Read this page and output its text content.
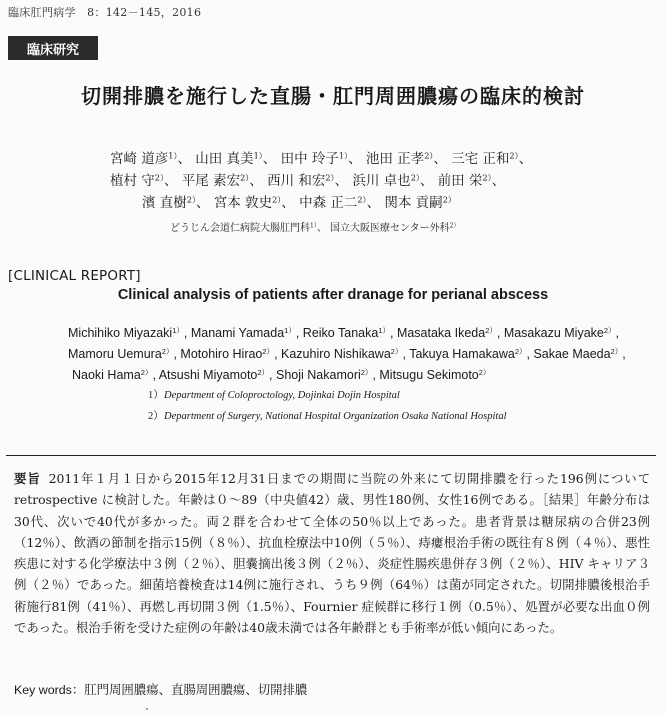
臨床肛門病学　8：142－145，2016
臨床研究
切開排膿を施行した直腸・肛門周囲膿瘍の臨床的検討
宮崎 道彦$^{1)}$、 山田 真美$^{1)}$、 田中 玲子$^{1)}$、 池田 正孝$^{2)}$、 三宅 正和$^{2)}$、
植村 守$^{2)}$、 平尾 素宏$^{2)}$、 西川 和宏$^{2)}$、 浜川 卓也$^{2)}$、 前田 栄$^{2)}$、
濱 直樹$^{2)}$、 宮本 敦史$^{2)}$、 中森 正二$^{2)}$、 関本 貢嗣$^{2)}$
どうじん会道仁病院大腸肛門科$^{1)}$、 国立大阪医療センター外科$^{2)}$
[CLINICAL REPORT]
Clinical analysis of patients after dranage for perianal abscess
Michihiko Miyazaki$^{1)}$, Manami Yamada$^{1)}$, Reiko Tanaka$^{1)}$, Masataka Ikeda$^{2)}$, Masakazu Miyake$^{2)}$,
Mamoru Uemura$^{2)}$, Motohiro Hirao$^{2)}$, Kazuhiro Nishikawa$^{2)}$, Takuya Hamakawa$^{2)}$, Sakae Maeda$^{2)}$,
Naoki Hama$^{2)}$, Atsushi Miyamoto$^{2)}$, Shoji Nakamori$^{2)}$, Mitsugu Sekimoto$^{2)}$
1）Department of Coloproctology, Dojinkai Dojin Hospital
2）Department of Surgery, National Hospital Organization Osaka National Hospital

要旨 2011年１月１日から2015年12月31日までの期間に当院の外来にて切開排膿を行った196例について retrospective に検討した。年齢は０〜89（中央値42）歳、男性180例、女性16例である。［結果］年齢分布は30代、次いで40代が多かった。両２群を合わせて全体の50％以上であった。患者背景は糖尿病の合併23例（12％）、飲酒の節制を指示15例（８％）、抗血栓療法中10例（５％）、痔瘻根治手術の既往有８例（４％）、悪性疾患に対する化学療法中３例（２％）、胆嚢摘出後３例（２％）、炎症性腸疾患併存３例（２％）、HIV キャリア３例（２％）であった。細菌培養検査は14例に施行され、うち９例（64％）は菌が同定された。切開排膿後根治手術施行81例（41％）、再燃し再切開３例（1.5％）、Fournier 症候群に移行１例（0.5％）、処置が必要な出血０例であった。根治手術を受けた症例の年齢は40歳未満では各年齢群とも手術率が低い傾向にあった。

Key words：肛門周囲膿瘍、直腸周囲膿瘍、切開排膿
